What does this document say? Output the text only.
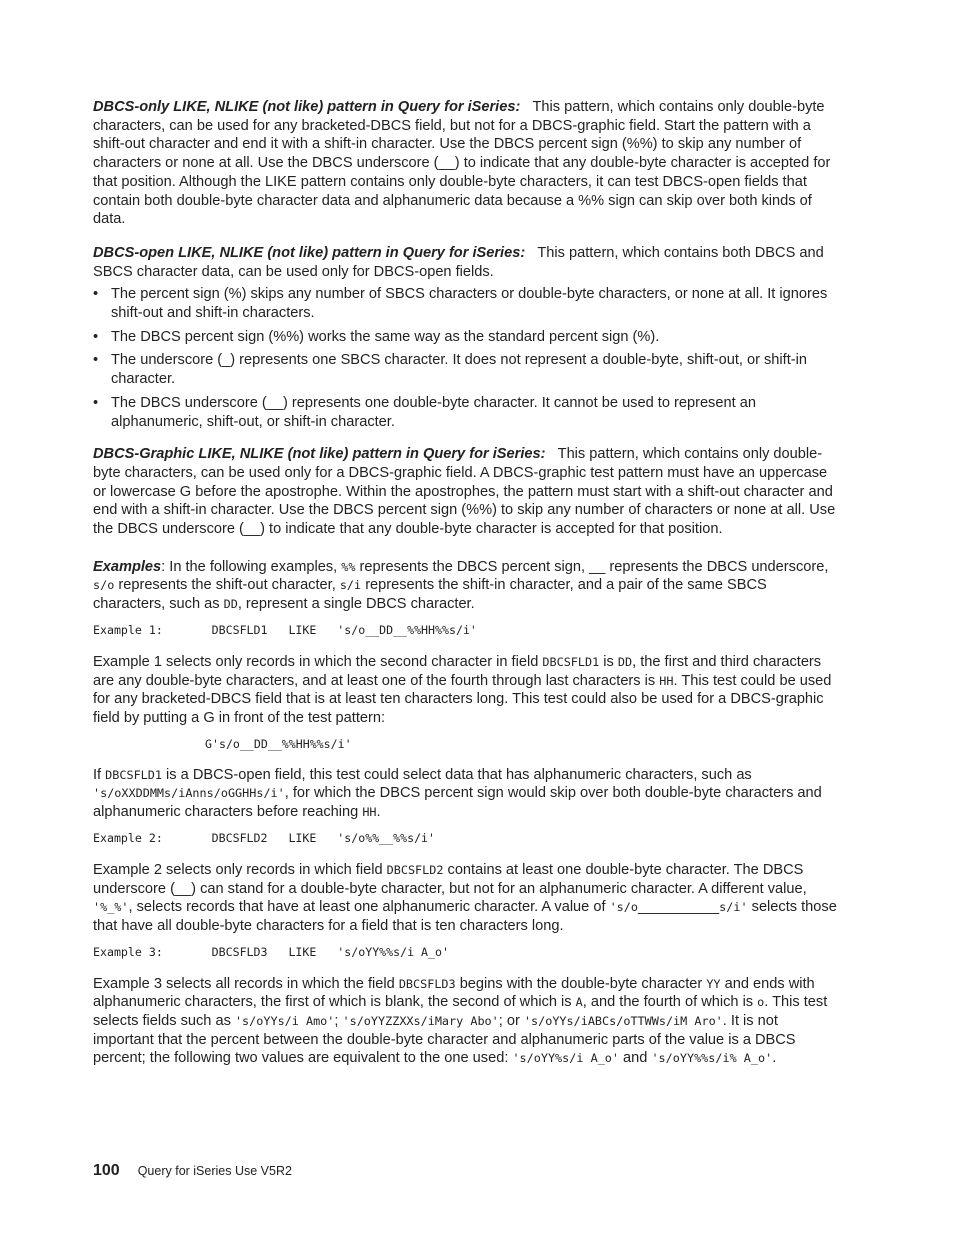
DBCS-only LIKE, NLIKE (not like) pattern in Query for iSeries: This pattern, which contains only double-byte characters, can be used for any bracketed-DBCS field, but not for a DBCS-graphic field. Start the pattern with a shift-out character and end it with a shift-in character. Use the DBCS percent sign (%%) to skip any number of characters or none at all. Use the DBCS underscore (__) to indicate that any double-byte character is accepted for that position. Although the LIKE pattern contains only double-byte characters, it can test DBCS-open fields that contain both double-byte character data and alphanumeric data because a %% sign can skip over both kinds of data.

DBCS-open LIKE, NLIKE (not like) pattern in Query for iSeries: This pattern, which contains both DBCS and SBCS character data, can be used only for DBCS-open fields.

• The percent sign (%) skips any number of SBCS characters or double-byte characters, or none at all. It ignores shift-out and shift-in characters.
• The DBCS percent sign (%%) works the same way as the standard percent sign (%).
• The underscore (_) represents one SBCS character. It does not represent a double-byte, shift-out, or shift-in character.
• The DBCS underscore (__) represents one double-byte character. It cannot be used to represent an alphanumeric, shift-out, or shift-in character.

DBCS-Graphic LIKE, NLIKE (not like) pattern in Query for iSeries: This pattern, which contains only double-byte characters, can be used only for a DBCS-graphic field. A DBCS-graphic test pattern must have an uppercase or lowercase G before the apostrophe. Within the apostrophes, the pattern must start with a shift-out character and end with a shift-in character. Use the DBCS percent sign (%%) to skip any number of characters or none at all. Use the DBCS underscore (__) to indicate that any double-byte character is accepted for that position.

Examples: In the following examples, %% represents the DBCS percent sign, __ represents the DBCS underscore, s/o represents the shift-out character, s/i represents the shift-in character, and a pair of the same SBCS characters, such as DD, represent a single DBCS character.

Example 1:       DBCSFLD1   LIKE   's/o__DD__%%HH%%s/i'

Example 1 selects only records in which the second character in field DBCSFLD1 is DD, the first and third characters are any double-byte characters, and at least one of the fourth through last characters is HH. This test could be used for any bracketed-DBCS field that is at least ten characters long. This test could also be used for a DBCS-graphic field by putting a G in front of the test pattern:

G's/o__DD__%%HH%%s/i'

If DBCSFLD1 is a DBCS-open field, this test could select data that has alphanumeric characters, such as 's/oXXDDMMs/iAnns/oGGHHs/i', for which the DBCS percent sign would skip over both double-byte characters and alphanumeric characters before reaching HH.

Example 2:       DBCSFLD2   LIKE   's/o%%__%%s/i'

Example 2 selects only records in which field DBCSFLD2 contains at least one double-byte character. The DBCS underscore (__) can stand for a double-byte character, but not for an alphanumeric character. A different value, '%_%', selects records that have at least one alphanumeric character. A value of 's/o__________s/i' selects those that have all double-byte characters for a field that is ten characters long.

Example 3:       DBCSFLD3   LIKE   's/oYY%%s/i A_o'

Example 3 selects all records in which the field DBCSFLD3 begins with the double-byte character YY and ends with alphanumeric characters, the first of which is blank, the second of which is A, and the fourth of which is o. This test selects fields such as 's/oYYs/i Amo'; 's/oYYZZXXs/iMary Abo'; or 's/oYYs/iABCs/oTTWWs/iM Aro'. It is not important that the percent between the double-byte character and alphanumeric parts of the value is a DBCS percent; the following two values are equivalent to the one used: 's/oYY%s/i A_o' and 's/oYY%%s/i% A_o'.

100 Query for iSeries Use V5R2
